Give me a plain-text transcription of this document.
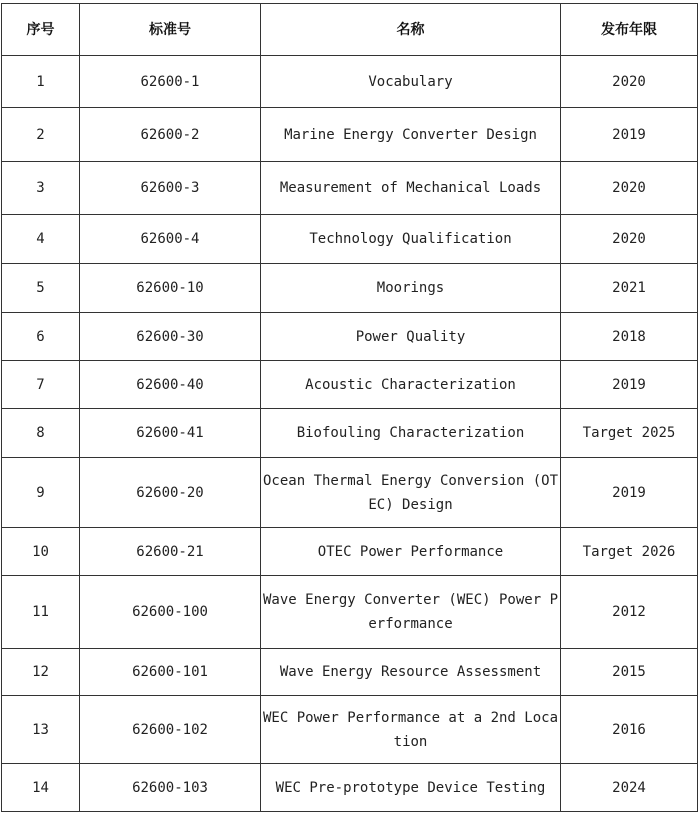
序号	标准号	名称	发布年限
1	62600-1	Vocabulary	2020
2	62600-2	Marine Energy Converter Design	2019
3	62600-3	Measurement of Mechanical Loads	2020
4	62600-4	Technology Qualification	2020
5	62600-10	Moorings	2021
6	62600-30	Power Quality	2018
7	62600-40	Acoustic Characterization	2019
8	62600-41	Biofouling Characterization	Target 2025
9	62600-20	Ocean Thermal Energy Conversion (OTEC) Design	2019
10	62600-21	OTEC Power Performance	Target 2026
11	62600-100	Wave Energy Converter (WEC) Power Performance	2012
12	62600-101	Wave Energy Resource Assessment	2015
13	62600-102	WEC Power Performance at a 2nd Location	2016
14	62600-103	WEC Pre-prototype Device Testing	2024
